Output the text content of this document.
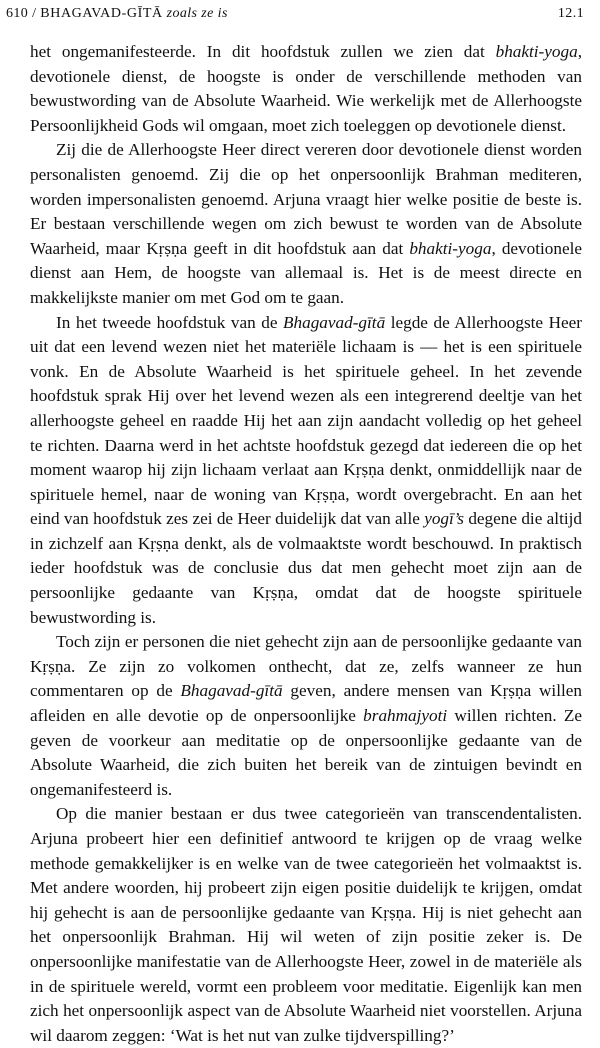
610 / BHAGAVAD-GĪTĀ zoals ze is	12.1

het ongemanifesteerde. In dit hoofdstuk zullen we zien dat bhakti-yoga, devotionele dienst, de hoogste is onder de verschillende methoden van bewustwording van de Absolute Waarheid. Wie werkelijk met de Allerhoogste Persoonlijkheid Gods wil omgaan, moet zich toeleggen op devotionele dienst.

Zij die de Allerhoogste Heer direct vereren door devotionele dienst worden personalisten genoemd. Zij die op het onpersoonlijk Brahman mediteren, worden impersonalisten genoemd. Arjuna vraagt hier welke positie de beste is. Er bestaan verschillende wegen om zich bewust te worden van de Absolute Waarheid, maar Kṛṣṇa geeft in dit hoofdstuk aan dat bhakti-yoga, devotionele dienst aan Hem, de hoogste van allemaal is. Het is de meest directe en makkelijkste manier om met God om te gaan.

In het tweede hoofdstuk van de Bhagavad-gītā legde de Allerhoogste Heer uit dat een levend wezen niet het materiële lichaam is — het is een spirituele vonk. En de Absolute Waarheid is het spirituele geheel. In het zevende hoofdstuk sprak Hij over het levend wezen als een integrerend deeltje van het allerhoogste geheel en raadde Hij het aan zijn aandacht volledig op het geheel te richten. Daarna werd in het achtste hoofdstuk gezegd dat iedereen die op het moment waarop hij zijn lichaam verlaat aan Kṛṣṇa denkt, onmiddellijk naar de spirituele hemel, naar de woning van Kṛṣṇa, wordt overgebracht. En aan het eind van hoofdstuk zes zei de Heer duidelijk dat van alle yogī’s degene die altijd in zichzelf aan Kṛṣṇa denkt, als de volmaaktste wordt beschouwd. In praktisch ieder hoofdstuk was de conclusie dus dat men gehecht moet zijn aan de persoonlijke gedaante van Kṛṣṇa, omdat dat de hoogste spirituele bewustwording is.

Toch zijn er personen die niet gehecht zijn aan de persoonlijke gedaante van Kṛṣṇa. Ze zijn zo volkomen onthecht, dat ze, zelfs wanneer ze hun commentaren op de Bhagavad-gītā geven, andere mensen van Kṛṣṇa willen afleiden en alle devotie op de onpersoonlijke brahmajyoti willen richten. Ze geven de voorkeur aan meditatie op de onpersoonlijke gedaante van de Absolute Waarheid, die zich buiten het bereik van de zintuigen bevindt en ongemanifesteerd is.

Op die manier bestaan er dus twee categorieën van transcendentalisten. Arjuna probeert hier een definitief antwoord te krijgen op de vraag welke methode gemakkelijker is en welke van de twee categorieën het volmaaktst is. Met andere woorden, hij probeert zijn eigen positie duidelijk te krijgen, omdat hij gehecht is aan de persoonlijke gedaante van Kṛṣṇa. Hij is niet gehecht aan het onpersoonlijk Brahman. Hij wil weten of zijn positie zeker is. De onpersoonlijke manifestatie van de Allerhoogste Heer, zowel in de materiële als in de spirituele wereld, vormt een probleem voor meditatie. Eigenlijk kan men zich het onpersoonlijk aspect van de Absolute Waarheid niet voorstellen. Arjuna wil daarom zeggen: ‘Wat is het nut van zulke tijdverspilling?’
